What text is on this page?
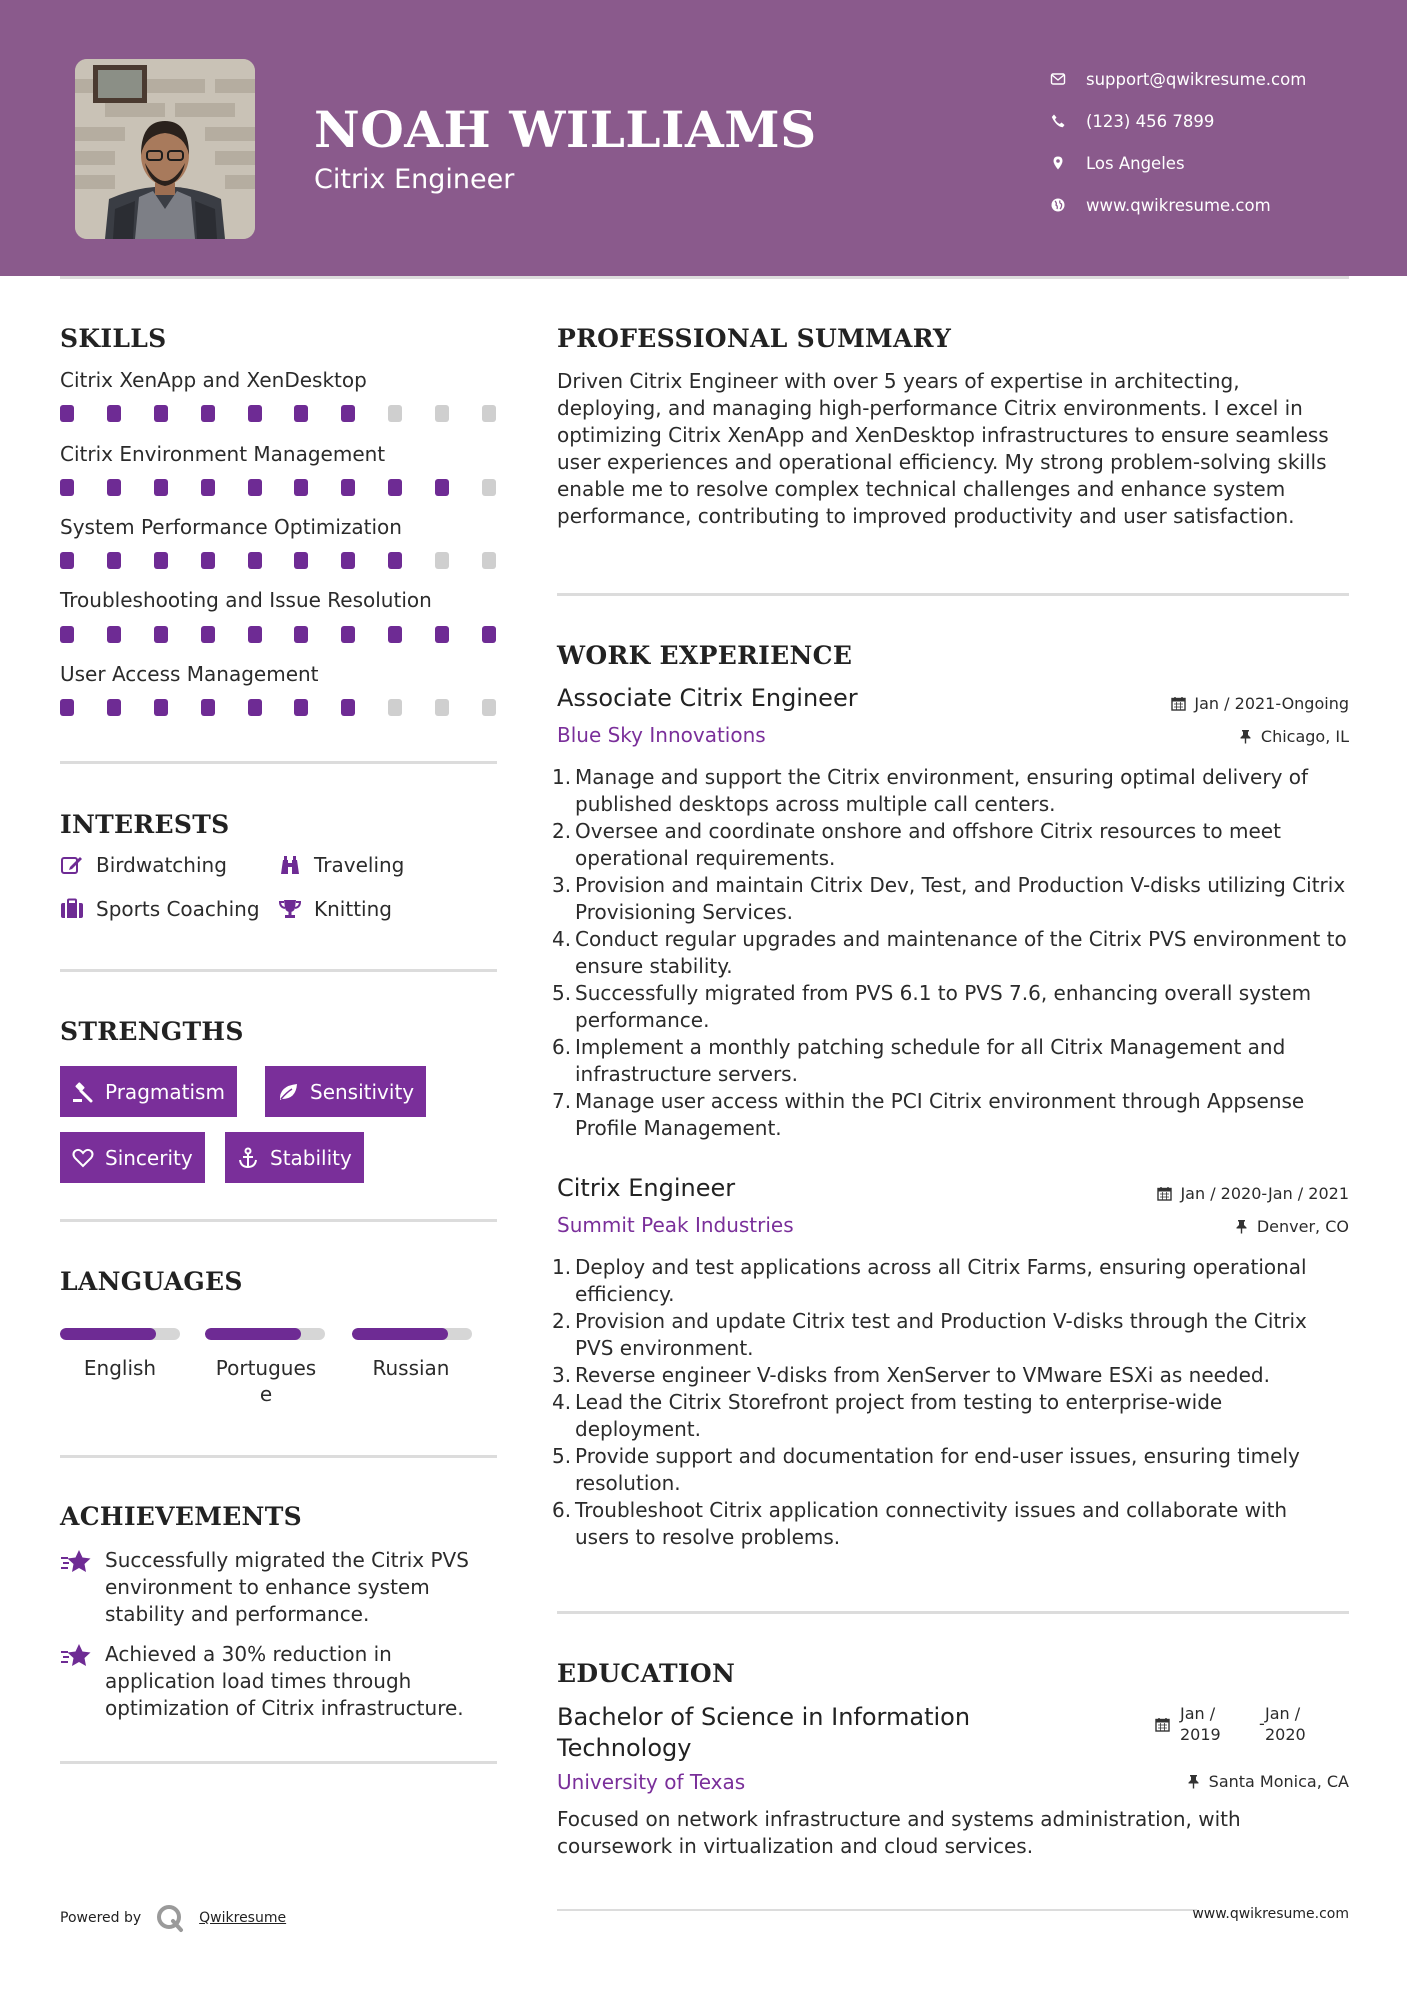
NOAH WILLIAMS
Citrix Engineer
support@qwikresume.com
(123) 456 7899
Los Angeles
www.qwikresume.com
SKILLS
Citrix XenApp and XenDesktop
Citrix Environment Management
System Performance Optimization
Troubleshooting and Issue Resolution
User Access Management
INTERESTS
Birdwatching	Traveling
Sports Coaching	Knitting
STRENGTHS
Pragmatism	Sensitivity
Sincerity	Stability
LANGUAGES
English	Portugues
e
Russian
ACHIEVEMENTS
Successfully migrated the Citrix PVS environment to enhance system stability and performance.
Achieved a 30% reduction in application load times through optimization of Citrix infrastructure.
Powered by	Qwikresume
PROFESSIONAL SUMMARY
Driven Citrix Engineer with over 5 years of expertise in architecting, deploying, and managing high-performance Citrix environments. I excel in optimizing Citrix XenApp and XenDesktop infrastructures to ensure seamless user experiences and operational efficiency. My strong problem-solving skills enable me to resolve complex technical challenges and enhance system performance, contributing to improved productivity and user satisfaction.
WORK EXPERIENCE
Associate Citrix Engineer	Jan / 2021-Ongoing
Blue Sky Innovations	Chicago, IL
Manage and support the Citrix environment, ensuring optimal delivery of published desktops across multiple call centers.
Oversee and coordinate onshore and offshore Citrix resources to meet operational requirements.
Provision and maintain Citrix Dev, Test, and Production V-disks utilizing Citrix Provisioning Services.
Conduct regular upgrades and maintenance of the Citrix PVS environment to ensure stability.
Successfully migrated from PVS 6.1 to PVS 7.6, enhancing overall system performance.
Implement a monthly patching schedule for all Citrix Management and infrastructure servers.
Manage user access within the PCI Citrix environment through Appsense Profile Management.
Citrix Engineer	Jan / 2020-Jan / 2021
Summit Peak Industries	Denver, CO
Deploy and test applications across all Citrix Farms, ensuring operational efficiency.
Provision and update Citrix test and Production V-disks through the Citrix PVS environment.
Reverse engineer V-disks from XenServer to VMware ESXi as needed.
Lead the Citrix Storefront project from testing to enterprise-wide deployment.
Provide support and documentation for end-user issues, ensuring timely resolution.
Troubleshoot Citrix application connectivity issues and collaborate with users to resolve problems.
EDUCATION
Bachelor of Science in Information Technology
Jan /
2019
-
Jan /
2020
University of Texas	Santa Monica, CA
Focused on network infrastructure and systems administration, with coursework in virtualization and cloud services.
www.qwikresume.com
